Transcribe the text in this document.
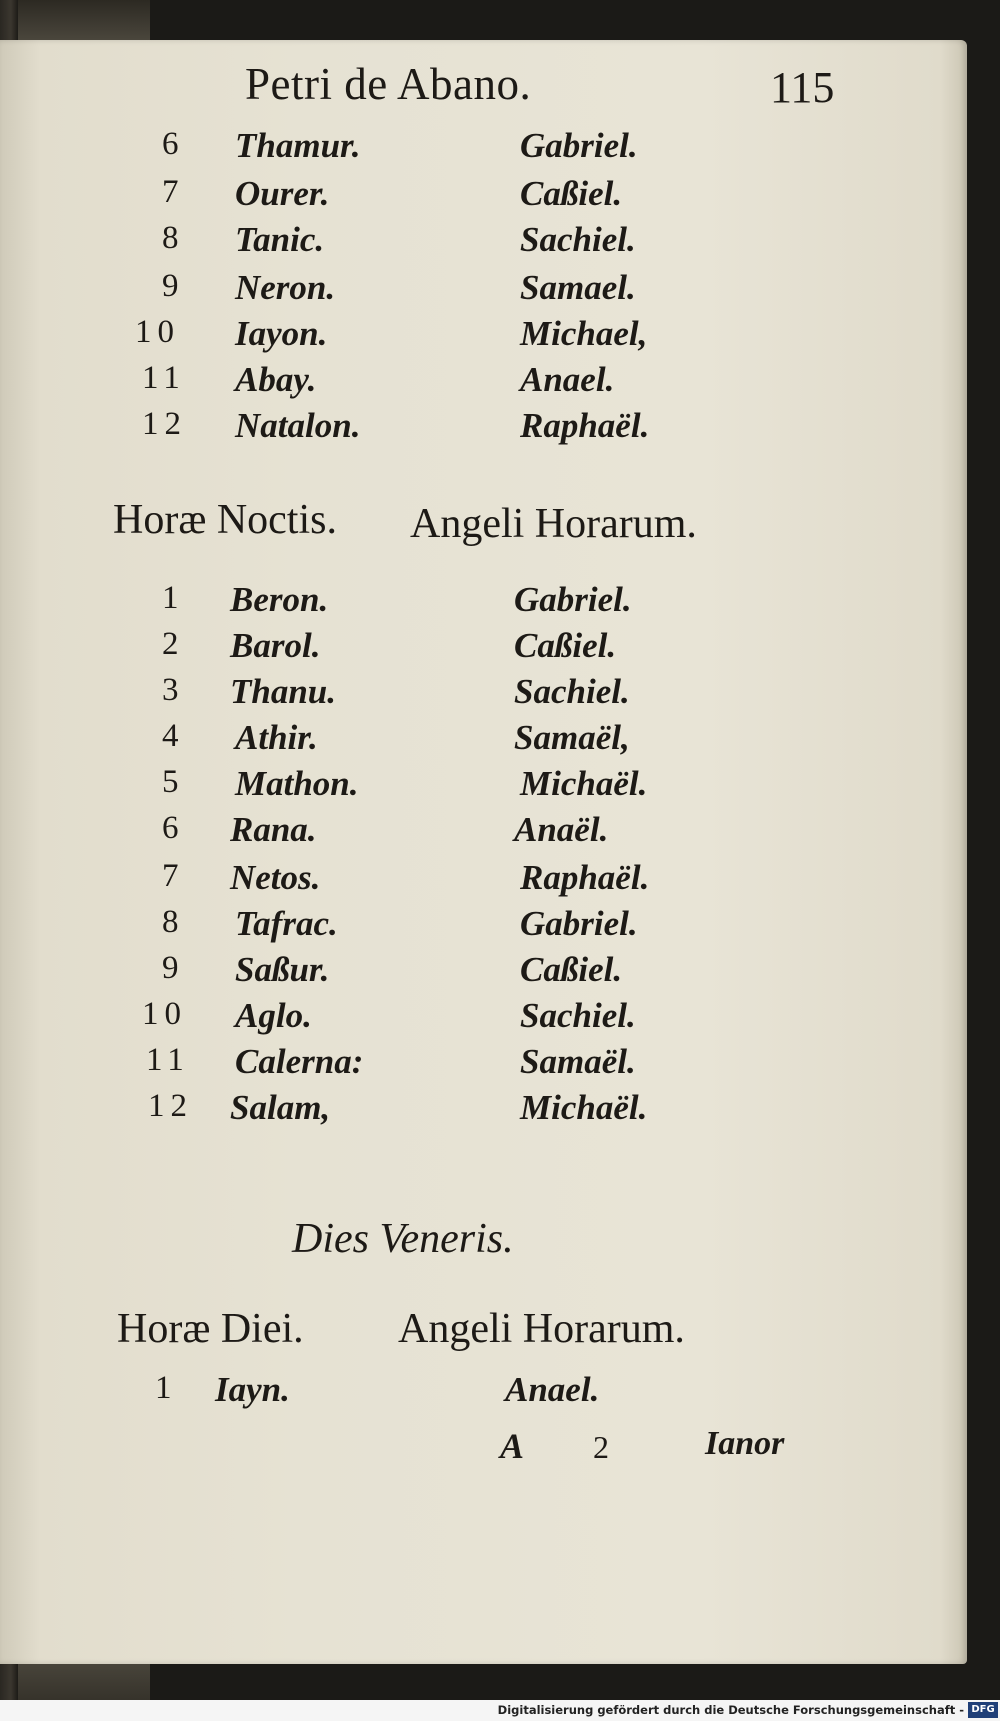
Petri de Abano.	115
6 Thamur.	Gabriel.
7 Ourer.	Caßiel.
8 Tanic.	Sachiel.
9 Neron.	Samael.
10 Iayon.	Michael,
11 Abay.	Anael.
12 Natalon.	Raphaël.
Horæ Noctis. Angeli Horarum.
1 Beron.	Gabriel.
2 Barol.	Caßiel.
3 Thanu.	Sachiel.
4 Athir.	Samaël,
5 Mathon.	Michaël.
6 Rana.	Anaël.
7 Netos.	Raphaël.
8 Tafrac.	Gabriel.
9 Saßur.	Caßiel.
10 Aglo.	Sachiel.
11 Calerna:	Samaël.
12 Salam,	Michaël.
Dies Veneris.
Horæ Diei. Angeli Horarum.
1 Iayn.	Anael.
A 2	Ianor
Digitalisierung gefördert durch die Deutsche Forschungsgemeinschaft - DFG
